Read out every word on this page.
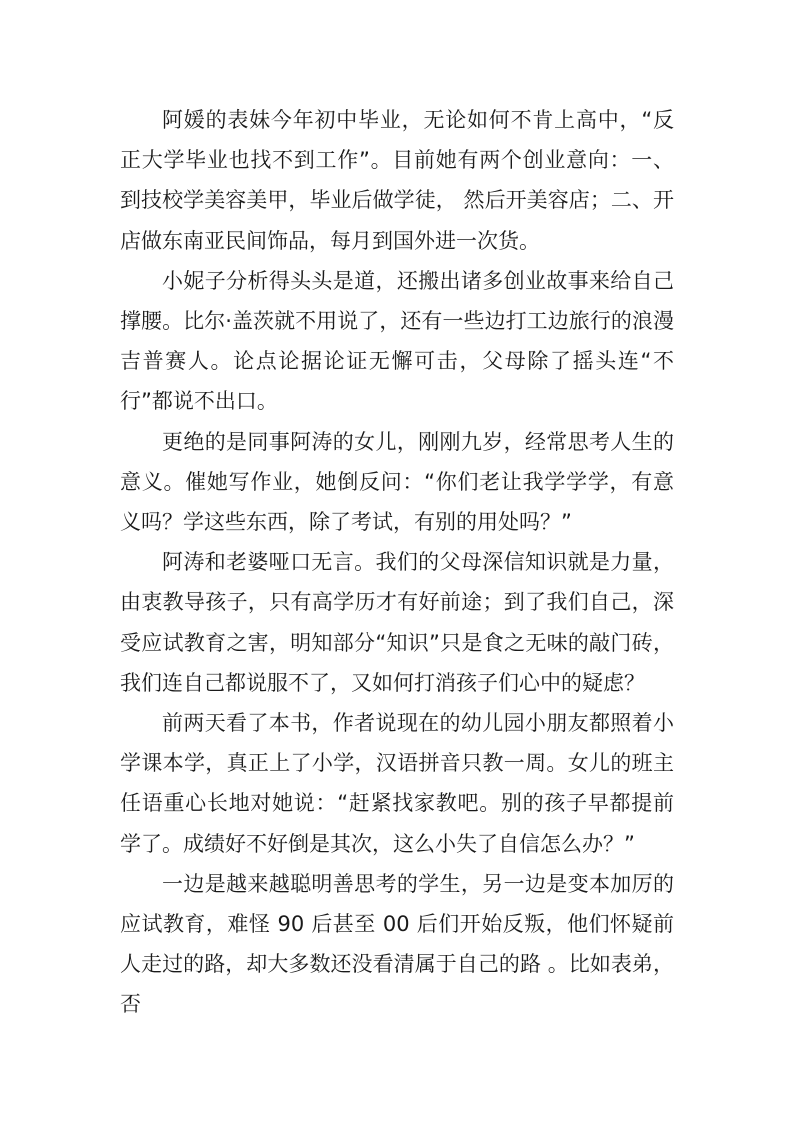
阿媛的表妹今年初中毕业，无论如何不肯上高中，“反正大学毕业也找不到工作”。目前她有两个创业意向：一、到技校学美容美甲，毕业后做学徒， 然后开美容店；二、开店做东南亚民间饰品，每月到国外进一次货。

小妮子分析得头头是道，还搬出诸多创业故事来给自己撑腰。比尔·盖茨就不用说了，还有一些边打工边旅行的浪漫吉普赛人。论点论据论证无懈可击，父母除了摇头连“不行”都说不出口。

更绝的是同事阿涛的女儿，刚刚九岁，经常思考人生的意义。催她写作业，她倒反问：“你们老让我学学学，有意义吗？学这些东西，除了考试，有别的用处吗？”

阿涛和老婆哑口无言。我们的父母深信知识就是力量，由衷教导孩子，只有高学历才有好前途；到了我们自己，深受应试教育之害，明知部分“知识”只是食之无味的敲门砖，我们连自己都说服不了，又如何打消孩子们心中的疑虑？

前两天看了本书，作者说现在的幼儿园小朋友都照着小学课本学，真正上了小学，汉语拼音只教一周。女儿的班主任语重心长地对她说：“赶紧找家教吧。别的孩子早都提前学了。成绩好不好倒是其次，这么小失了自信怎么办？”

一边是越来越聪明善思考的学生，另一边是变本加厉的应试教育，难怪 90 后甚至 00 后们开始反叛，他们怀疑前人走过的路，却大多数还没看清属于自己的路 。比如表弟，否
